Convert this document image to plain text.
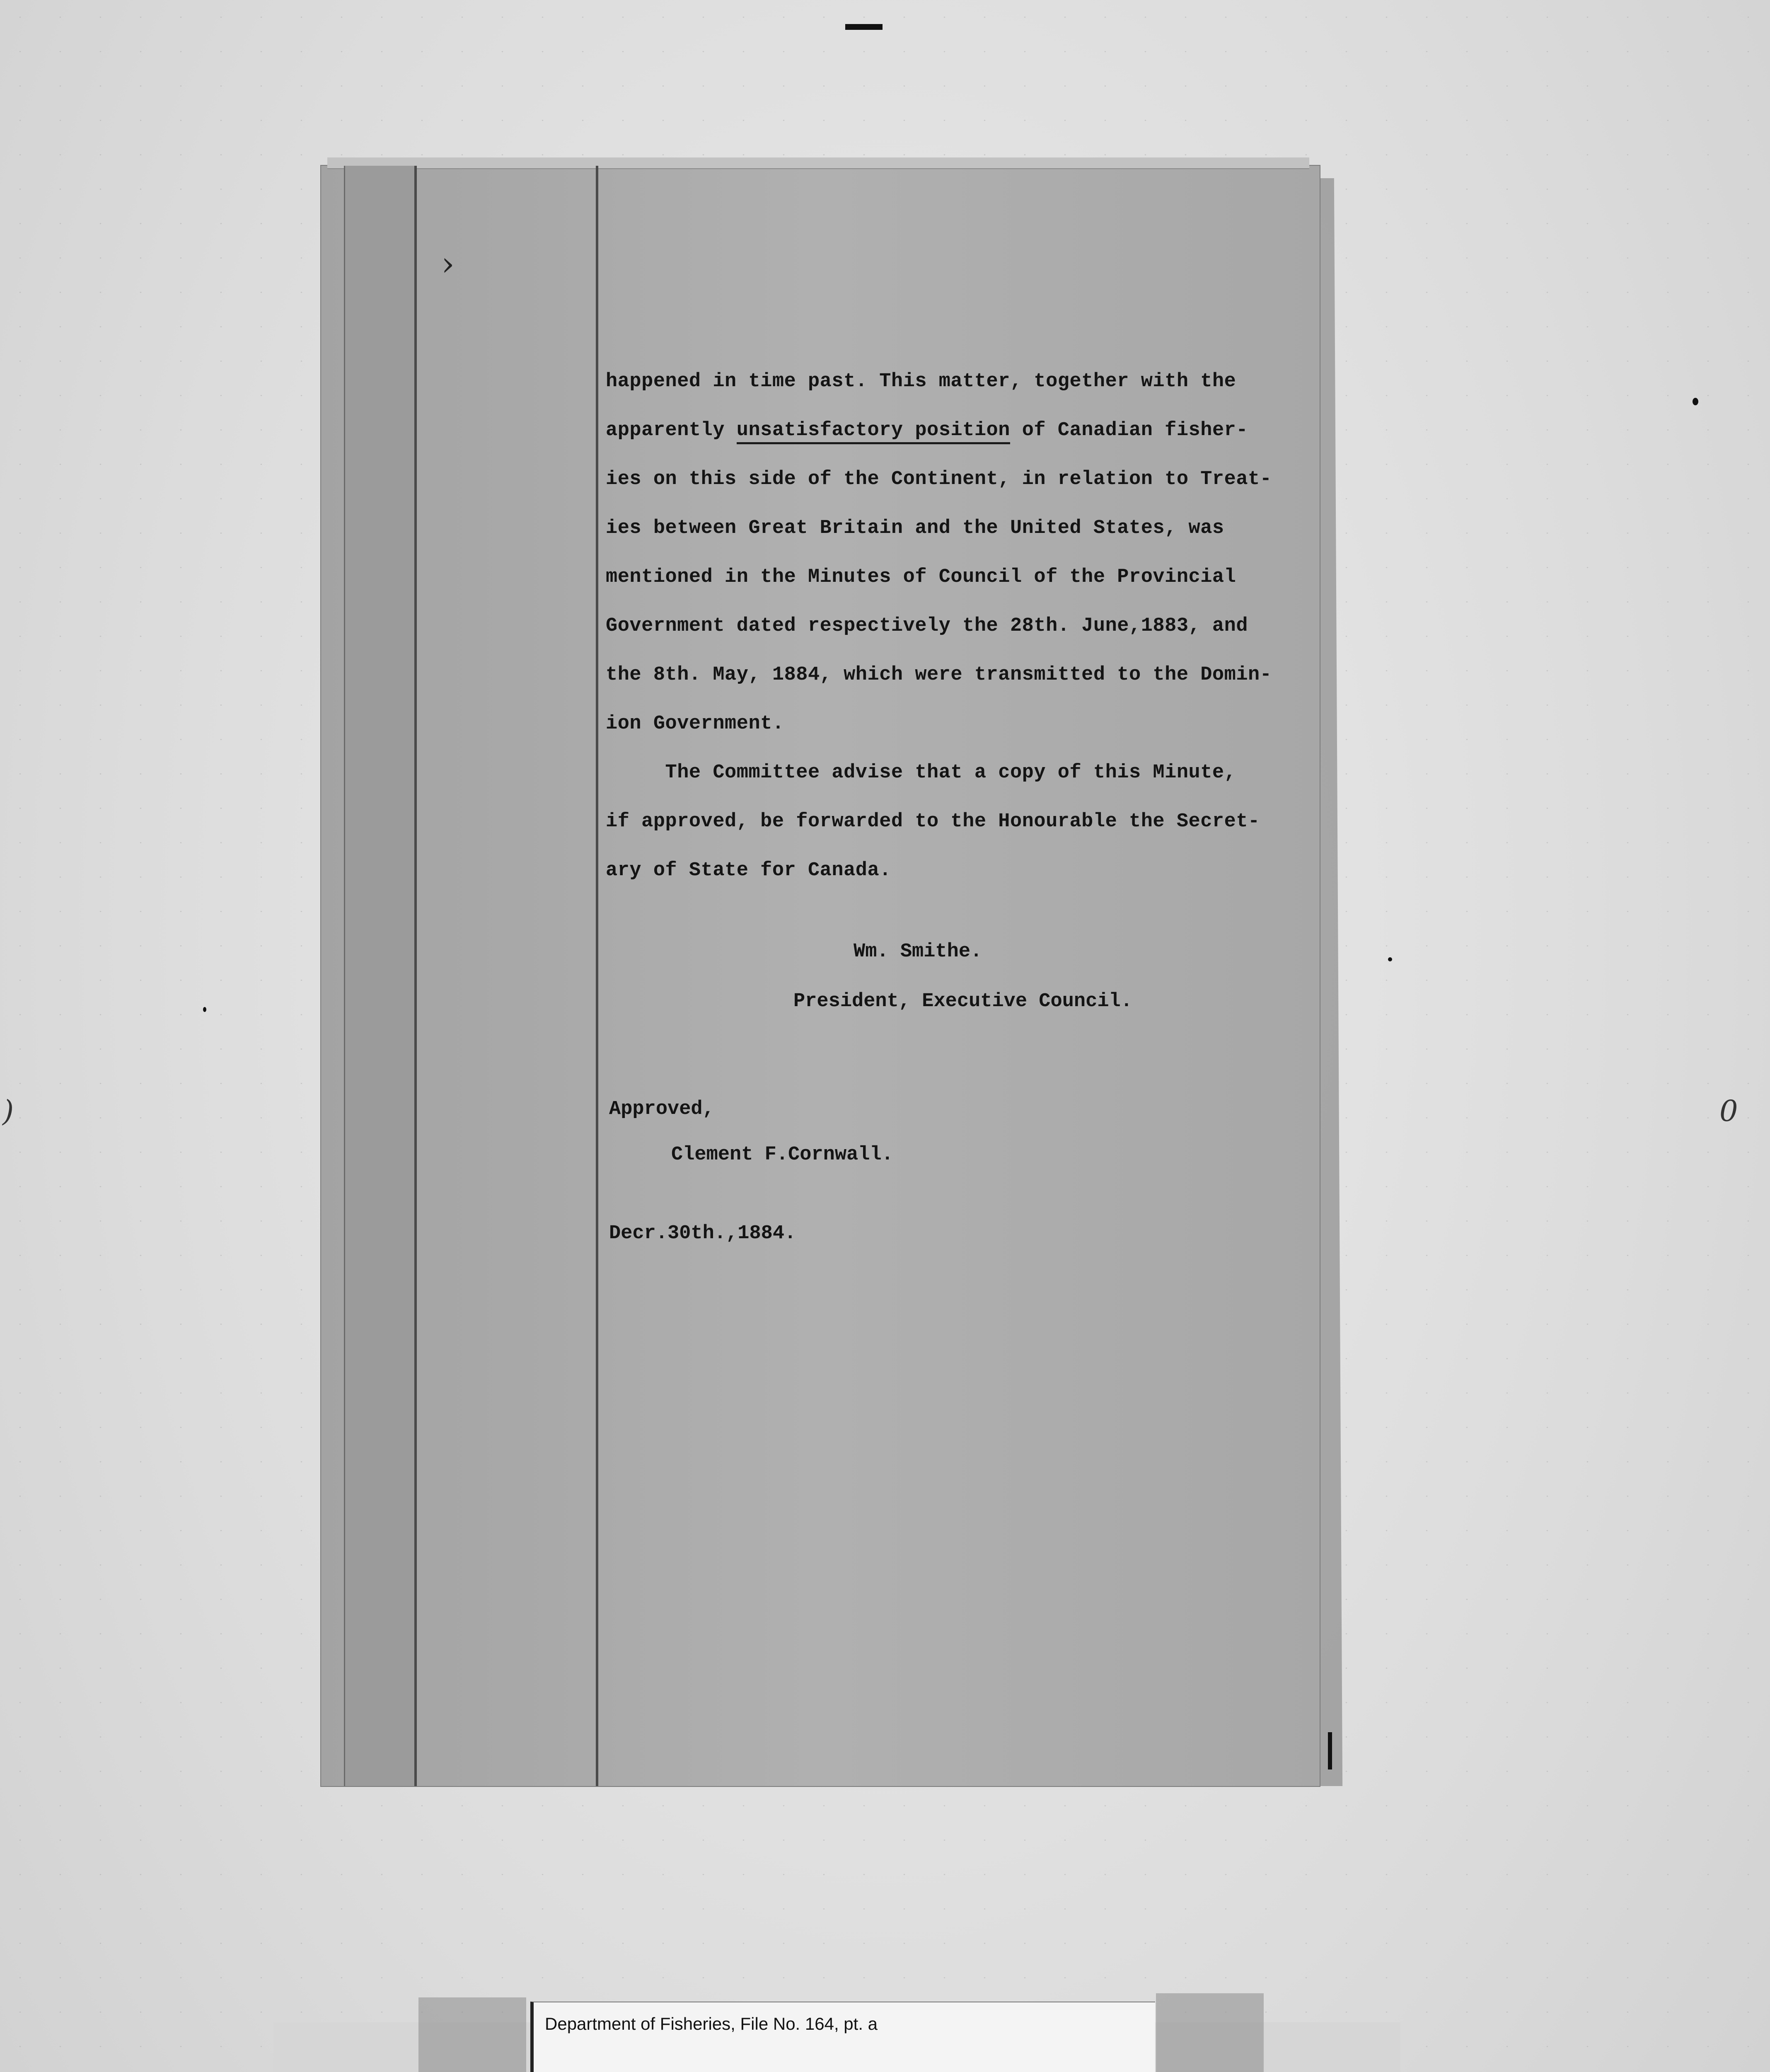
)	0
›

happened in time past. This matter, together with the

apparently unsatisfactory position of Canadian fisher-

ies on this side of the Continent, in relation to Treat-

ies between Great Britain and the United States, was

mentioned in the Minutes of Council of the Provincial

Government dated respectively the 28th. June,1883, and

the 8th. May, 1884, which were transmitted to the Domin-

ion Government.

The Committee advise that a copy of this Minute,

if approved, be forwarded to the Honourable the Secret-

ary of State for Canada.

Wm. Smithe.
President, Executive Council.
Approved,
Clement F.Cornwall.
Decr.30th.,1884.
Department of Fisheries, File No. 164, pt. a
